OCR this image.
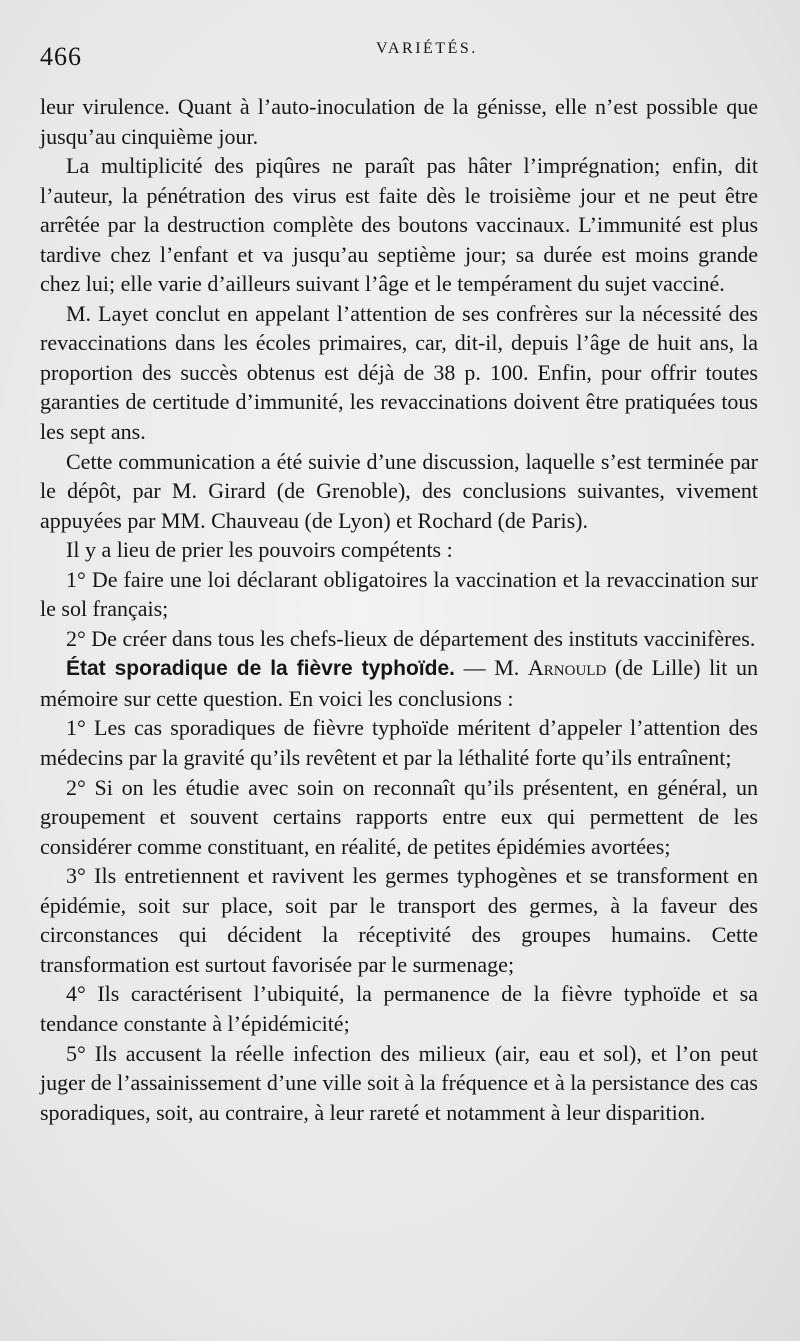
466	VARIÉTÉS.

leur virulence. Quant à l’auto-inoculation de la génisse, elle n’est possible que jusqu’au cinquième jour.

La multiplicité des piqûres ne paraît pas hâter l’imprégnation; enfin, dit l’auteur, la pénétration des virus est faite dès le troisième jour et ne peut être arrêtée par la destruction complète des boutons vaccinaux. L’immunité est plus tardive chez l’enfant et va jusqu’au septième jour; sa durée est moins grande chez lui; elle varie d’ailleurs suivant l’âge et le tempérament du sujet vacciné.

M. Layet conclut en appelant l’attention de ses confrères sur la nécessité des revaccinations dans les écoles primaires, car, dit-il, depuis l’âge de huit ans, la proportion des succès obtenus est déjà de 38 p. 100. Enfin, pour offrir toutes garanties de certitude d’immunité, les revaccinations doivent être pratiquées tous les sept ans.

Cette communication a été suivie d’une discussion, laquelle s’est terminée par le dépôt, par M. Girard (de Grenoble), des conclusions suivantes, vivement appuyées par MM. Chauveau (de Lyon) et Rochard (de Paris).

Il y a lieu de prier les pouvoirs compétents :

1° De faire une loi déclarant obligatoires la vaccination et la revaccination sur le sol français;

2° De créer dans tous les chefs-lieux de département des instituts vaccinifères.

État sporadique de la fièvre typhoïde. — M. Arnould (de Lille) lit un mémoire sur cette question. En voici les conclusions :

1° Les cas sporadiques de fièvre typhoïde méritent d’appeler l’attention des médecins par la gravité qu’ils revêtent et par la léthalité forte qu’ils entraînent;

2° Si on les étudie avec soin on reconnaît qu’ils présentent, en général, un groupement et souvent certains rapports entre eux qui permettent de les considérer comme constituant, en réalité, de petites épidémies avortées;

3° Ils entretiennent et ravivent les germes typhogènes et se transforment en épidémie, soit sur place, soit par le transport des germes, à la faveur des circonstances qui décident la réceptivité des groupes humains. Cette transformation est surtout favorisée par le surmenage;

4° Ils caractérisent l’ubiquité, la permanence de la fièvre typhoïde et sa tendance constante à l’épidémicité;

5° Ils accusent la réelle infection des milieux (air, eau et sol), et l’on peut juger de l’assainissement d’une ville soit à la fréquence et à la persistance des cas sporadiques, soit, au contraire, à leur rareté et notamment à leur disparition.
